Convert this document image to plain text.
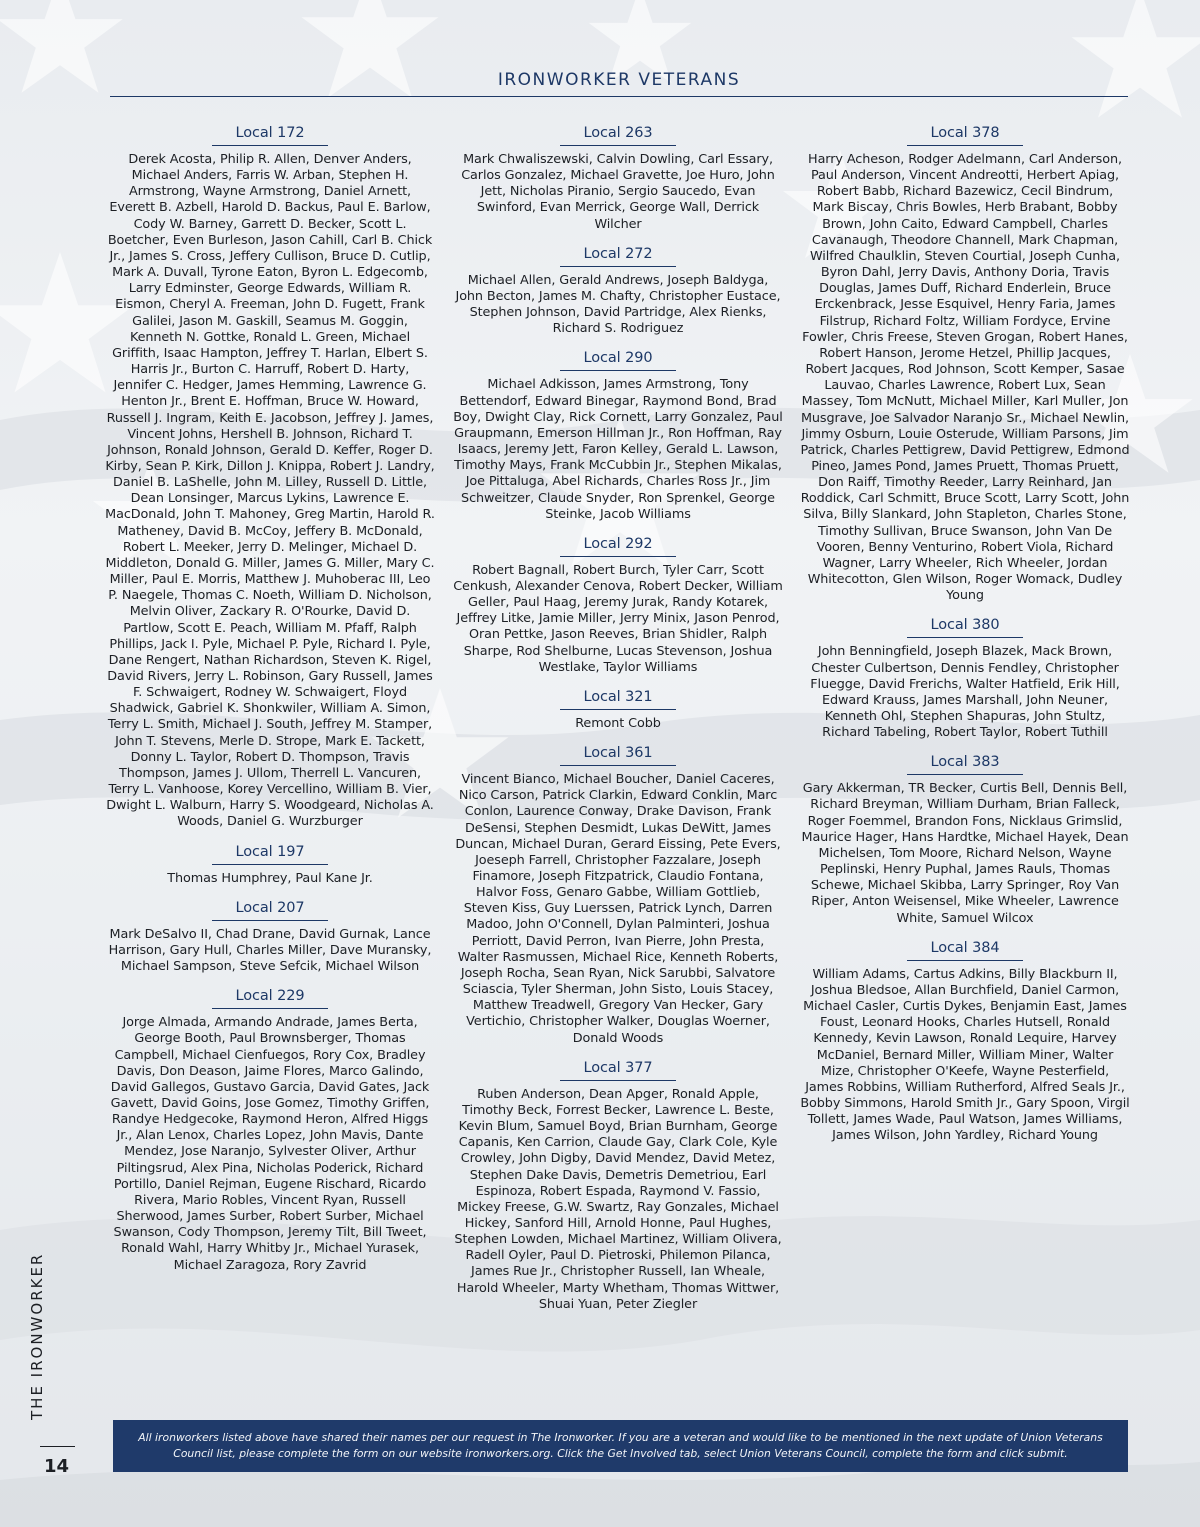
IRONWORKER VETERANS
Local 172
Derek Acosta, Philip R. Allen, Denver Anders, Michael Anders, Farris W. Arban, Stephen H. Armstrong, Wayne Armstrong, Daniel Arnett, Everett B. Azbell, Harold D. Backus, Paul E. Barlow, Cody W. Barney, Garrett D. Becker, Scott L. Boetcher, Even Burleson, Jason Cahill, Carl B. Chick Jr., James S. Cross, Jeffery Cullison, Bruce D. Cutlip, Mark A. Duvall, Tyrone Eaton, Byron L. Edgecomb, Larry Edminster, George Edwards, William R. Eismon, Cheryl A. Freeman, John D. Fugett, Frank Galilei, Jason M. Gaskill, Seamus M. Goggin, Kenneth N. Gottke, Ronald L. Green, Michael Griffith, Isaac Hampton, Jeffrey T. Harlan, Elbert S. Harris Jr., Burton C. Harruff, Robert D. Harty, Jennifer C. Hedger, James Hemming, Lawrence G. Henton Jr., Brent E. Hoffman, Bruce W. Howard, Russell J. Ingram, Keith E. Jacobson, Jeffrey J. James, Vincent Johns, Hershell B. Johnson, Richard T. Johnson, Ronald Johnson, Gerald D. Keffer, Roger D. Kirby, Sean P. Kirk, Dillon J. Knippa, Robert J. Landry, Daniel B. LaShelle, John M. Lilley, Russell D. Little, Dean Lonsinger, Marcus Lykins, Lawrence E. MacDonald, John T. Mahoney, Greg Martin, Harold R. Matheney, David B. McCoy, Jeffery B. McDonald, Robert L. Meeker, Jerry D. Melinger, Michael D. Middleton, Donald G. Miller, James G. Miller, Mary C. Miller, Paul E. Morris, Matthew J. Muhoberac III, Leo P. Naegele, Thomas C. Noeth, William D. Nicholson, Melvin Oliver, Zackary R. O'Rourke, David D. Partlow, Scott E. Peach, William M. Pfaff, Ralph Phillips, Jack I. Pyle, Michael P. Pyle, Richard I. Pyle, Dane Rengert, Nathan Richardson, Steven K. Rigel, David Rivers, Jerry L. Robinson, Gary Russell, James F. Schwaigert, Rodney W. Schwaigert, Floyd Shadwick, Gabriel K. Shonkwiler, William A. Simon, Terry L. Smith, Michael J. South, Jeffrey M. Stamper, John T. Stevens, Merle D. Strope, Mark E. Tackett, Donny L. Taylor, Robert D. Thompson, Travis Thompson, James J. Ullom, Therrell L. Vancuren, Terry L. Vanhoose, Korey Vercellino, William B. Vier, Dwight L. Walburn, Harry S. Woodgeard, Nicholas A. Woods, Daniel G. Wurzburger
Local 197
Thomas Humphrey, Paul Kane Jr.
Local 207
Mark DeSalvo II, Chad Drane, David Gurnak, Lance Harrison, Gary Hull, Charles Miller, Dave Muransky, Michael Sampson, Steve Sefcik, Michael Wilson
Local 229
Jorge Almada, Armando Andrade, James Berta, George Booth, Paul Brownsberger, Thomas Campbell, Michael Cienfuegos, Rory Cox, Bradley Davis, Don Deason, Jaime Flores, Marco Galindo, David Gallegos, Gustavo Garcia, David Gates, Jack Gavett, David Goins, Jose Gomez, Timothy Griffen, Randye Hedgecoke, Raymond Heron, Alfred Higgs Jr., Alan Lenox, Charles Lopez, John Mavis, Dante Mendez, Jose Naranjo, Sylvester Oliver, Arthur Piltingsrud, Alex Pina, Nicholas Poderick, Richard Portillo, Daniel Rejman, Eugene Rischard, Ricardo Rivera, Mario Robles, Vincent Ryan, Russell Sherwood, James Surber, Robert Surber, Michael Swanson, Cody Thompson, Jeremy Tilt, Bill Tweet, Ronald Wahl, Harry Whitby Jr., Michael Yurasek, Michael Zaragoza, Rory Zavrid
Local 263
Mark Chwaliszewski, Calvin Dowling, Carl Essary, Carlos Gonzalez, Michael Gravette, Joe Huro, John Jett, Nicholas Piranio, Sergio Saucedo, Evan Swinford, Evan Merrick, George Wall, Derrick Wilcher
Local 272
Michael Allen, Gerald Andrews, Joseph Baldyga, John Becton, James M. Chafty, Christopher Eustace, Stephen Johnson, David Partridge, Alex Rienks, Richard S. Rodriguez
Local 290
Michael Adkisson, James Armstrong, Tony Bettendorf, Edward Binegar, Raymond Bond, Brad Boy, Dwight Clay, Rick Cornett, Larry Gonzalez, Paul Graupmann, Emerson Hillman Jr., Ron Hoffman, Ray Isaacs, Jeremy Jett, Faron Kelley, Gerald L. Lawson, Timothy Mays, Frank McCubbin Jr., Stephen Mikalas, Joe Pittaluga, Abel Richards, Charles Ross Jr., Jim Schweitzer, Claude Snyder, Ron Sprenkel, George Steinke, Jacob Williams
Local 292
Robert Bagnall, Robert Burch, Tyler Carr, Scott Cenkush, Alexander Cenova, Robert Decker, William Geller, Paul Haag, Jeremy Jurak, Randy Kotarek, Jeffrey Litke, Jamie Miller, Jerry Minix, Jason Penrod, Oran Pettke, Jason Reeves, Brian Shidler, Ralph Sharpe, Rod Shelburne, Lucas Stevenson, Joshua Westlake, Taylor Williams
Local 321
Remont Cobb
Local 361
Vincent Bianco, Michael Boucher, Daniel Caceres, Nico Carson, Patrick Clarkin, Edward Conklin, Marc Conlon, Laurence Conway, Drake Davison, Frank DeSensi, Stephen Desmidt, Lukas DeWitt, James Duncan, Michael Duran, Gerard Eissing, Pete Evers, Joeseph Farrell, Christopher Fazzalare, Joseph Finamore, Joseph Fitzpatrick, Claudio Fontana, Halvor Foss, Genaro Gabbe, William Gottlieb, Steven Kiss, Guy Luerssen, Patrick Lynch, Darren Madoo, John O'Connell, Dylan Palminteri, Joshua Perriott, David Perron, Ivan Pierre, John Presta, Walter Rasmussen, Michael Rice, Kenneth Roberts, Joseph Rocha, Sean Ryan, Nick Sarubbi, Salvatore Sciascia, Tyler Sherman, John Sisto, Louis Stacey, Matthew Treadwell, Gregory Van Hecker, Gary Vertichio, Christopher Walker, Douglas Woerner, Donald Woods
Local 377
Ruben Anderson, Dean Apger, Ronald Apple, Timothy Beck, Forrest Becker, Lawrence L. Beste, Kevin Blum, Samuel Boyd, Brian Burnham, George Capanis, Ken Carrion, Claude Gay, Clark Cole, Kyle Crowley, John Digby, David Mendez, David Metez, Stephen Dake Davis, Demetris Demetriou, Earl Espinoza, Robert Espada, Raymond V. Fassio, Mickey Freese, G.W. Swartz, Ray Gonzales, Michael Hickey, Sanford Hill, Arnold Honne, Paul Hughes, Stephen Lowden, Michael Martinez, William Olivera, Radell Oyler, Paul D. Pietroski, Philemon Pilanca, James Rue Jr., Christopher Russell, Ian Wheale, Harold Wheeler, Marty Whetham, Thomas Wittwer, Shuai Yuan, Peter Ziegler
Local 378
Harry Acheson, Rodger Adelmann, Carl Anderson, Paul Anderson, Vincent Andreotti, Herbert Apiag, Robert Babb, Richard Bazewicz, Cecil Bindrum, Mark Biscay, Chris Bowles, Herb Brabant, Bobby Brown, John Caito, Edward Campbell, Charles Cavanaugh, Theodore Channell, Mark Chapman, Wilfred Chaulklin, Steven Courtial, Joseph Cunha, Byron Dahl, Jerry Davis, Anthony Doria, Travis Douglas, James Duff, Richard Enderlein, Bruce Erckenbrack, Jesse Esquivel, Henry Faria, James Filstrup, Richard Foltz, William Fordyce, Ervine Fowler, Chris Freese, Steven Grogan, Robert Hanes, Robert Hanson, Jerome Hetzel, Phillip Jacques, Robert Jacques, Rod Johnson, Scott Kemper, Sasae Lauvao, Charles Lawrence, Robert Lux, Sean Massey, Tom McNutt, Michael Miller, Karl Muller, Jon Musgrave, Joe Salvador Naranjo Sr., Michael Newlin, Jimmy Osburn, Louie Osterude, William Parsons, Jim Patrick, Charles Pettigrew, David Pettigrew, Edmond Pineo, James Pond, James Pruett, Thomas Pruett, Don Raiff, Timothy Reeder, Larry Reinhard, Jan Roddick, Carl Schmitt, Bruce Scott, Larry Scott, John Silva, Billy Slankard, John Stapleton, Charles Stone, Timothy Sullivan, Bruce Swanson, John Van De Vooren, Benny Venturino, Robert Viola, Richard Wagner, Larry Wheeler, Rich Wheeler, Jordan Whitecotton, Glen Wilson, Roger Womack, Dudley Young
Local 380
John Benningfield, Joseph Blazek, Mack Brown, Chester Culbertson, Dennis Fendley, Christopher Fluegge, David Frerichs, Walter Hatfield, Erik Hill, Edward Krauss, James Marshall, John Neuner, Kenneth Ohl, Stephen Shapuras, John Stultz, Richard Tabeling, Robert Taylor, Robert Tuthill
Local 383
Gary Akkerman, TR Becker, Curtis Bell, Dennis Bell, Richard Breyman, William Durham, Brian Falleck, Roger Foemmel, Brandon Fons, Nicklaus Grimslid, Maurice Hager, Hans Hardtke, Michael Hayek, Dean Michelsen, Tom Moore, Richard Nelson, Wayne Peplinski, Henry Puphal, James Rauls, Thomas Schewe, Michael Skibba, Larry Springer, Roy Van Riper, Anton Weisensel, Mike Wheeler, Lawrence White, Samuel Wilcox
Local 384
William Adams, Cartus Adkins, Billy Blackburn II, Joshua Bledsoe, Allan Burchfield, Daniel Carmon, Michael Casler, Curtis Dykes, Benjamin East, James Foust, Leonard Hooks, Charles Hutsell, Ronald Kennedy, Kevin Lawson, Ronald Lequire, Harvey McDaniel, Bernard Miller, William Miner, Walter Mize, Christopher O'Keefe, Wayne Pesterfield, James Robbins, William Rutherford, Alfred Seals Jr., Bobby Simmons, Harold Smith Jr., Gary Spoon, Virgil Tollett, James Wade, Paul Watson, James Williams, James Wilson, John Yardley, Richard Young
THE IRONWORKER
14
All ironworkers listed above have shared their names per our request in The Ironworker. If you are a veteran and would like to be mentioned in the next update of Union Veterans Council list, please complete the form on our website ironworkers.org. Click the Get Involved tab, select Union Veterans Council, complete the form and click submit.
